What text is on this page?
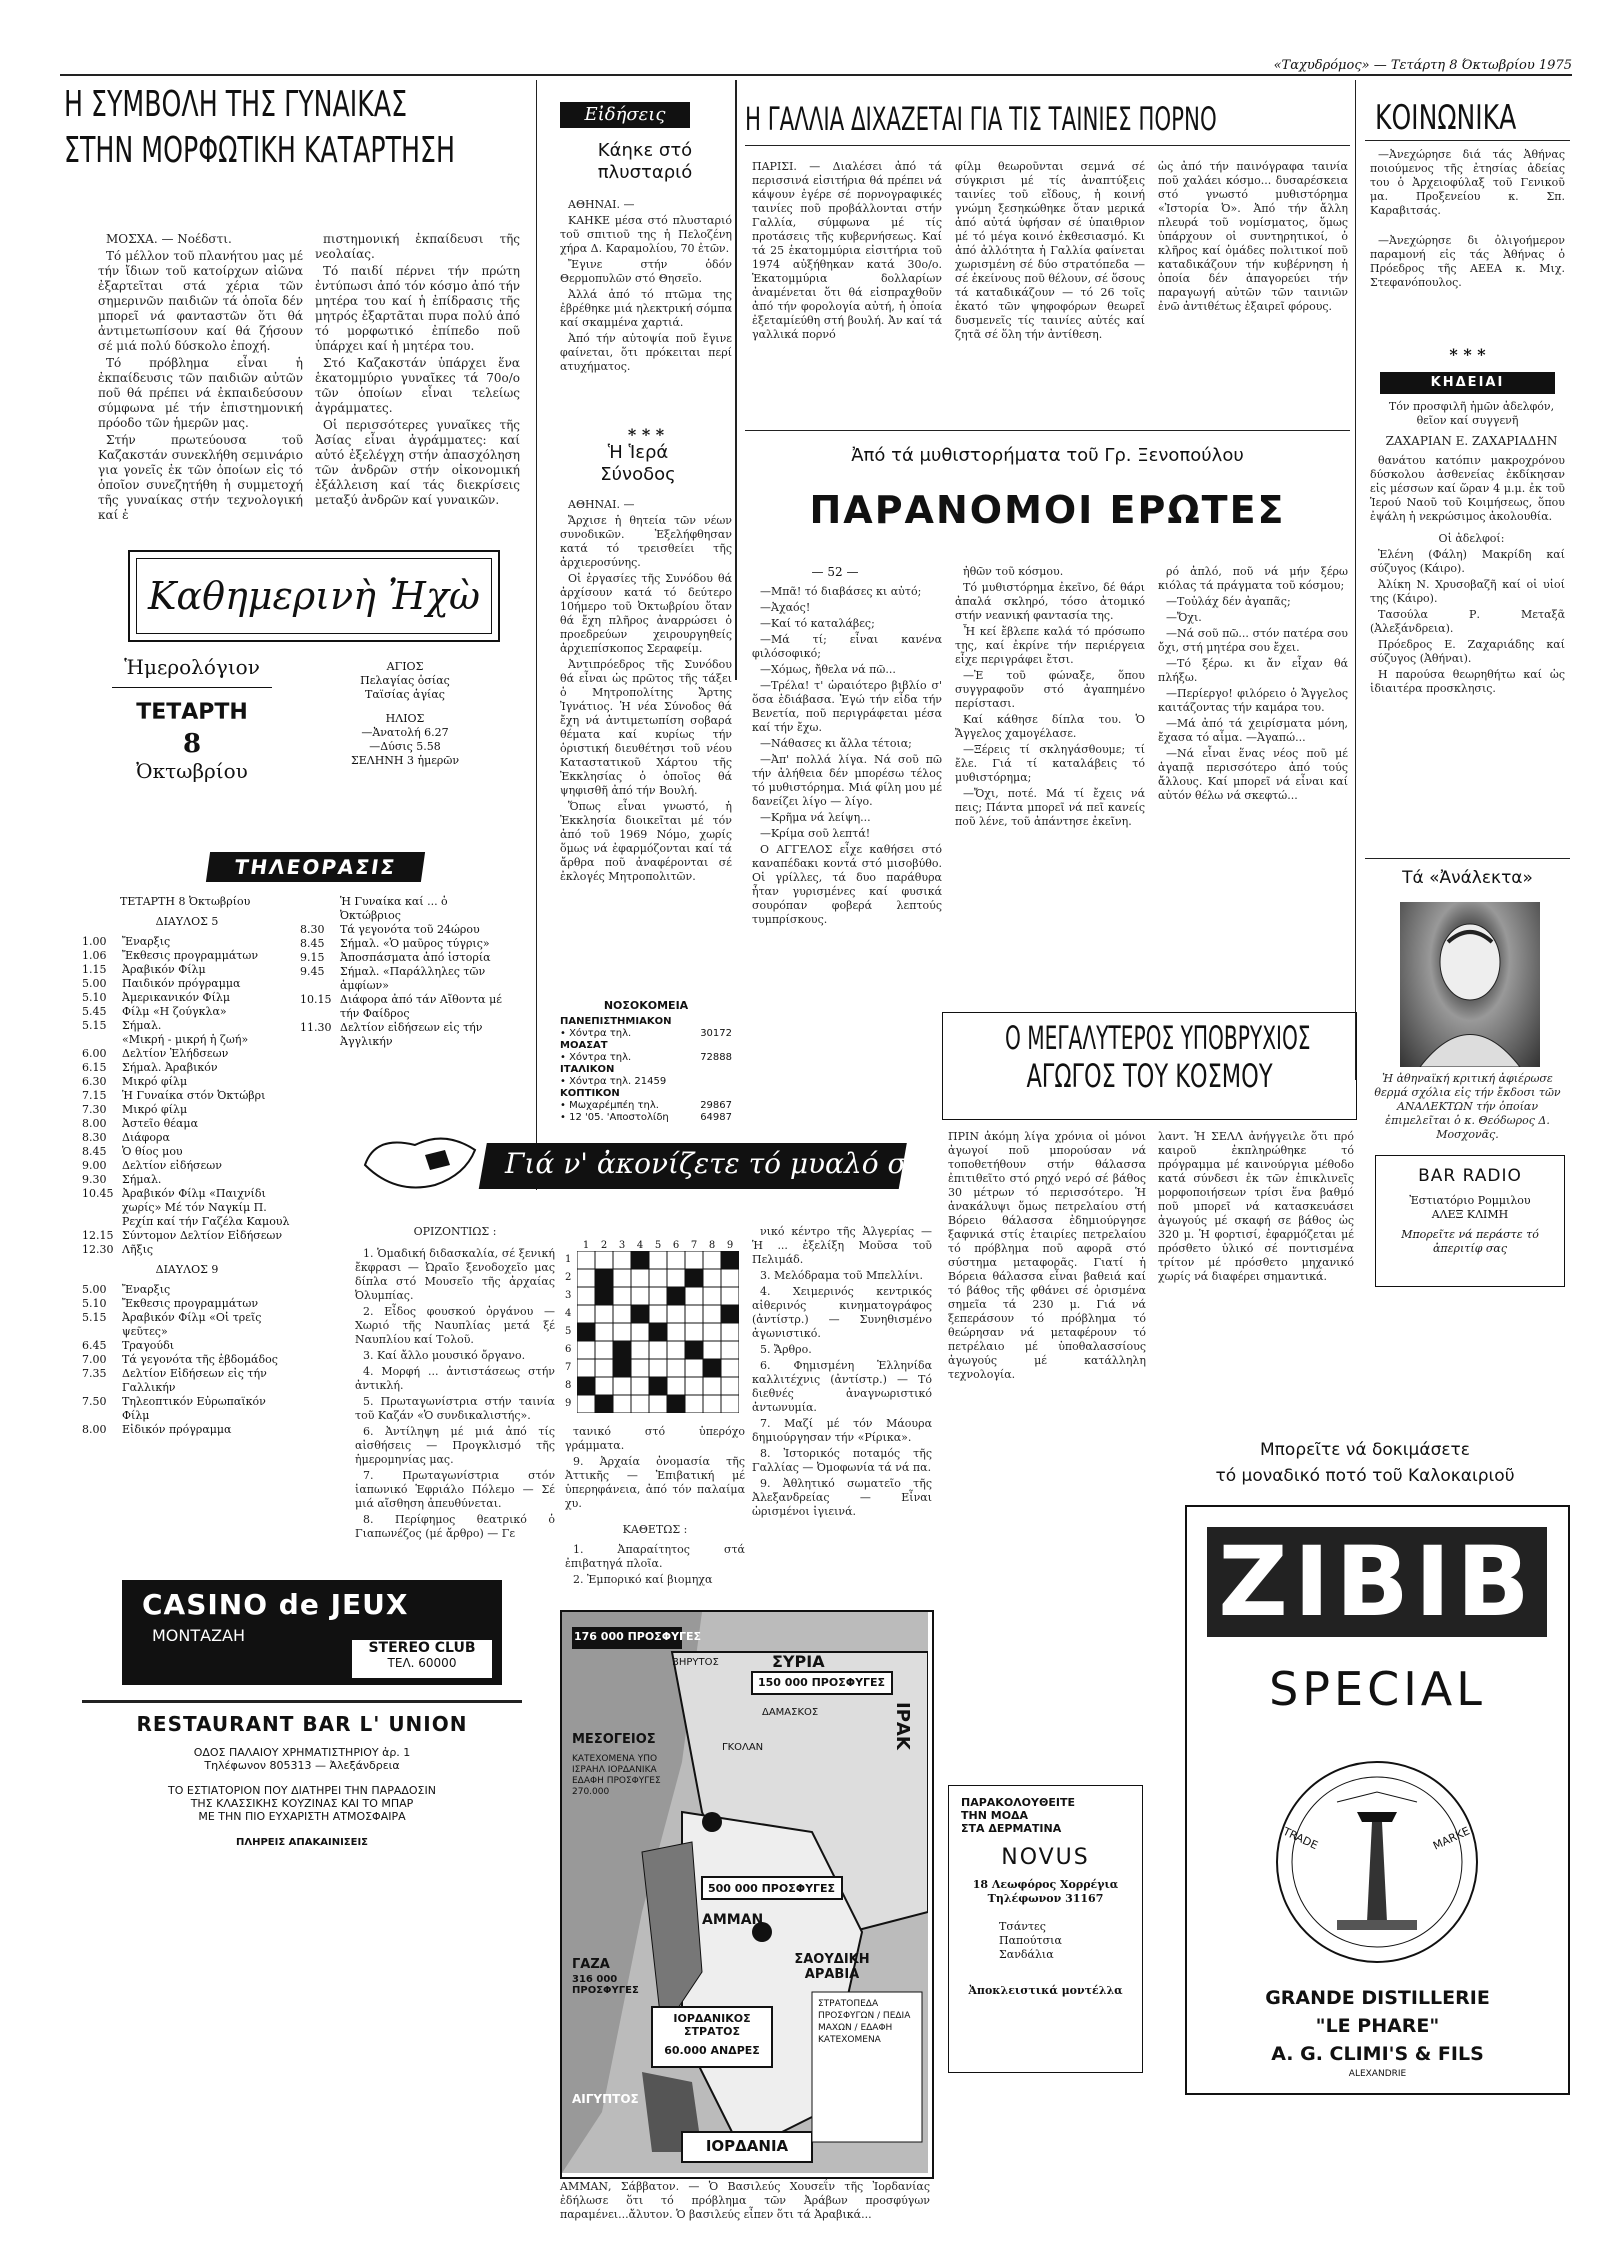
«Ταχυδρόμος» — Τετάρτη 8 Όκτωβρίου 1975
Η ΣΥΜΒΟΛΗ ΤΗΣ ΓΥΝΑΙΚΑΣ
ΣΤΗΝ ΜΟΡΦΩΤΙΚΗ ΚΑΤΑΡΤΗΣΗ

ΜΟΣΧΑ. — Νοέδστι.

Τό μέλλον τοῦ πλανήτου μας μέ τήν ἴδιων τοῦ κατοίρχων αἰῶνα ἐξαρτεῖται στά χέρια τῶν σημερινῶν παιδιῶν τά ὁποῖα δέν μπορεῖ νά φανταστῶν ὅτι θά ἀντιμετωπίσουν καί θά ζήσουν σέ μιά πολύ δύσκολο ἐποχή.

Τό πρόβλημα εἶναι ἡ ἐκπαίδευσις τῶν παιδιῶν αὐτῶν ποῦ θά πρέπει νά ἐκπαιδεύσουν σύμφωνα μέ τήν ἐπιστημονική πρόοδο τῶν ἡμερῶν μας.

Στήν πρωτεύουσα τοῦ Καζακστάν συνεκλήθη σεμινάριο για γονεῖς ἐκ τῶν ὁποίων εἰς τό ὁποῖον συνεζητήθη ἡ συμμετοχή τῆς γυναίκας στήν τεχνολογική καί ἐ

πιστημονική ἐκπαίδευσι τῆς νεολαίας.

Τό παιδί πέρνει τήν πρώτη ἐντύπωσι ἀπό τόν κόσμο ἀπό τήν μητέρα του καί ἡ ἐπίδρασις τῆς μητρός ἐξαρτᾶται πυρα πολύ ἀπό τό μορφωτικό ἐπίπεδο ποῦ ὑπάρχει καί ἡ μητέρα του.

Στό Καζακστάν ὑπάρχει ἕνα ἑκατομμύριο γυναῖκες τά 70ο/ο τῶν ὁποίων εἶναι τελείως ἀγράμματες.

Οἱ περισσότερες γυναῖκες τῆς Ἀσίας εἶναι ἀγράμματες: καί αὐτό ἐξελέγχη στήν ἀπασχόληση τῶν ἀνδρῶν στήν οἰκονομική ἐξάλλειση καί τάς διεκρίσεις μεταξύ ἀνδρῶν καί γυναικῶν.

Καθημερινὴ Ἠχὼ
Ἡμερολόγιον
ΤΕΤΑΡΤΗ
8
Ὀκτωβρίου
ΑΓΙΟΣ
Πελαγίας ὁσίας
Ταϊσίας ἁγίας
ΗΛΙΟΣ
—Ἀνατολή 6.27
—Δύσις 5.58
ΣΕΛΗΝΗ 3 ἡμερῶν
ΤΗΛΕΟΡΑΣΙΣ
ΤΕΤΑΡΤΗ 8 Ὀκτωβρίου
ΔΙΑΥΛΟΣ 5
1.00	Ἔναρξις
1.06	Ἔκθεσις προγραμμάτων
1.15	Ἀραβικόν Φίλμ
5.00	Παιδικόν πρόγραμμα
5.10	Ἀμερικανικόν Φίλμ
5.45	Φίλμ «Η ζούγκλα»
5.15	Σήμαλ.
«Μικρή - μικρή ἡ ζωή»
6.00	Δελτίον Ἐλήδσεων
6.15	Σήμαλ. Ἀραβικόν
6.30	Μικρό φίλμ
7.15	Ἡ Γυναίκα στόν Ὀκτώβρι
7.30	Μικρό φίλμ
8.00	Ἀστεῖο θέαμα
8.30	Διάφορα
8.45	Ὁ θίος μου
9.00	Δελτίον εἰδήσεων
9.30	Σήμαλ.
10.45 Ἀραβικόν Φίλμ «Παιχνίδι χωρίς» Μέ τόν Ναγκίμ Π. Ρεχίπ καί τήν Γαζέλα Καμουλ
12.15 Σύντομον Δελτίον Εἰδήσεων
12.30 Λῆξις
ΔΙΑΥΛΟΣ 9
5.00	Ἔναρξις
5.10	Ἔκθεσις προγραμμάτων
5.15	Ἀραβικόν Φίλμ «Οἱ τρεῖς ψεῦτες»
6.45	Τραγούδι
7.00	Τά γεγονότα τῆς ἑβδομάδος
7.35	Δελτίον Εἰδήσεων εἰς τήν Γαλλικήν
7.50	Τηλεοπτικόν Εὐρωπαϊκόν Φίλμ
8.00	Εἰδικόν πρόγραμμα
Ἡ Γυναίκα καί ... ὁ Ὀκτώβριος
8.30	Τά γεγονότα τοῦ 24ώρου
8.45	Σήμαλ. «Ὁ μαῦρος τύγρις»
9.15	Ἀποσπάσματα ἀπό ἱστορία
9.45	Σήμαλ. «Παράλληλες τῶν ἀμφίων»
10.15 Διάφορα ἀπό τάν Αἴθοντα μέ τήν Φαίδρος
11.30 Δελτίον εἰδήσεων εἰς τήν Ἀγγλικήν
Εἰδήσεις
Κάηκε στό πλυσταριό

ΑΘΗΝΑΙ. —

ΚΑΗΚΕ μέσα στό πλυσταριό τοῦ σπιτιοῦ της ἡ Πελοζένη χήρα Δ. Καραμολίου, 70 ἐτῶν.

Ἔγινε στήν ὁδόν Θερμοπυλῶν στό Θησεῖο.

Ἀλλά ἀπό τό πτῶμα της ἐβρέθηκε μιά ηλεκτρική σόμπα καί σκαμμένα χαρτιά.

Ἀπό τήν αὐτοψία ποῦ ἔγινε φαίνεται, ὅτι πρόκειται περί ατυχήματος.

* * *
Ἡ Ἱερά Σύνοδος

ΑΘΗΝΑΙ. —

Ἄρχισε ἡ θητεία τῶν νέων συνοδικῶν. Ἐξελήφθησαν κατά τό τρεισθείει τῆς ἀρχιεροσύνης.

Οἱ ἐργασίες τῆς Συνόδου θά ἀρχίσουν κατά τό δεύτερο 10ήμερο τοῦ Ὀκτωβρίου ὅταν θά ἔχη πλῆρος ἀναρρώσει ὁ προεδρεύων χειρουργηθείς ἀρχιεπίσκοπος Σεραφείμ.

Ἀντιπρόεδρος τῆς Συνόδου θά εἶναι ὡς πρῶτος τῆς τάξει ὁ Μητροπολίτης Ἄρτης Ἰγνάτιος. Ἡ νέα Σύνοδος θά ἔχη νά ἀντιμετωπίση σοβαρά θέματα καί κυρίως τήν ὁριστική διευθέτησι τοῦ νέου Καταστατικοῦ Χάρτου τῆς Ἐκκλησίας ὁ ὁποῖος θά ψηφισθῆ ἀπό τήν Βουλή.

Ὅπως εἶναι γνωστό, ἡ Ἐκκλησία διοικεῖται μέ τόν ἀπό τοῦ 1969 Νόμο, χωρίς ὅμως νά ἐφαρμόζονται καί τά ἄρθρα ποῦ ἀναφέρονται σέ ἐκλογές Μητροπολιτῶν.

ΝΟΣΟΚΟΜΕΙΑ
ΠΑΝΕΠΙΣΤΗΜΙΑΚΟΝ
• Χόντρα τηλ.	30172
ΜΟΑΣΑΤ
• Χόντρα τηλ.	72888
ΙΤΑΛΙΚΟΝ
• Χόντρα τηλ. 21459
ΚΟΠΤΙΚΟΝ
• Μωχαρέμπέη τηλ.	29867
• 12 '05. 'Αποστολίδη	64987
Η ΓΑΛΛΙΑ ΔΙΧΑΖΕΤΑΙ ΓΙΑ ΤΙΣ ΤΑΙΝΙΕΣ ΠΟΡΝΟ
ΠΑΡΙΣΙ. — Διαλέσει ἀπό τά περισσινά εἰσιτήρια θά πρέπει νά κάψουν ἐγέρε σέ πορνογραφικές ταινίες ποῦ προβάλλονται στήν Γαλλία, σύμφωνα μέ τίς προτάσεις τῆς κυβερνήσεως. Καί τά 25 ἑκατομμύρια εἰσιτήρια τοῦ 1974 αὐξήθηκαν κατά 30ο/ο. Ἑκατομμύρια δολλαρίων ἀναμένεται ὅτι θά εἰσπραχθοῦν ἀπό τήν φορολογία αὐτή, ἡ ὁποία ἐξεταμίεύθη στή βουλή. Ἀν καί τά γαλλικά πορνό
φίλμ θεωροῦνται σεμνά σέ σύγκρισι μέ τίς ἀναπτύξεις ταινίες τοῦ εἴδους, ἡ κοινή γνώμη ξεσηκώθηκε ὅταν μερικά ἀπό αὐτά ὑφήσαν σέ ὑπαιθριον μέ τό μέγα κοινό ἐκθεσιασμό. Κι ἀπό ἀλλότητα ἡ Γαλλία φαίνεται χωρισμένη σέ δύο στρατόπεδα — σέ ἐκείνους ποῦ θέλουν, σέ ὅσους τά καταδικάζουν — τό 26 τοῖς ἑκατό τῶν ψηφοφόρων θεωρεῖ δυσμενεῖς τίς ταινίες αὐτές καί ζητᾶ σέ ὅλη τήν ἀντίθεση.
ὡς ἀπό τήν παινόγραφα ταινία ποῦ χαλάει κόσμο... δυσαρέσκεια στό γνωστό μυθιστόρημα «Ἱστορία Ὀ». Ἀπό τήν ἄλλη πλευρά τοῦ νομίσματος, ὅμως ὑπάρχουν οἱ συντηρητικοί, ὁ κλῆρος καί ὁμάδες πολιτικοί ποῦ καταδικάζουν τήν κυβέρνηση ἡ ὁποία δέν ἀπαγορεύει τήν παραγωγή αὐτῶν τῶν ταινιῶν ἐνῶ ἀντιθέτως ἐξαιρεῖ φόρους.
Ἀπό τά μυθιστορήματα τοῦ Γρ. Ξενοπούλου
ΠΑΡΑΝΟΜΟΙ ΕΡΩΤΕΣ
— 52 —

—Μπᾶ! τό διαβάσες κι αὐτό;

—Ἀχαός!

—Καί τό καταλάβες;

—Μά τί; εἶναι κανένα φιλόσοφικό;

—Χόμως, ἤθελα νά πῶ...

—Τρέλα! τ' ὡραιότερο βιβλίο σ' ὅσα ἐδιάβασα. Ἐγώ τήν εἶδα τήν Βενετία, ποῦ περιγράφεται μέσα καί τήν ἔχω.

—Νάθασες κι ἄλλα τέτοια;

—Ἀπ' πολλά λίγα. Νά σοῦ πῶ τήν ἀλήθεια δέν μπορέσω τέλος τό μυθιστόρημα. Μιά φίλη μου μέ δανείζει λίγο — λίγο.

—Κρῆμα νά λείψη...

—Κρίμα σοῦ λεπτά!

Ο ΑΓΓΕΛΟΣ εἶχε καθήσει στό καναπέδακι κοντά στό μισοβύθο. Οἱ γρίλλες, τά δυο παράθυρα ἦταν γυρισμένες καί φυσικά σουρόπαν φοβερά λεπτούς τυμπρίσκους.

ἠθῶν τοῦ κόσμου.

Τό μυθιστόρημα ἐκεῖνο, δέ θάρι ἀπαλά σκληρό, τόσο ἀτομικό στήν νεανική φαντασία της.

Ἦ κεί ἔβλεπε καλά τό πρόσωπο της, καί ἐκρίνε τήν περιέργεια εἶχε περιγράφει ἔτσι.

—Ἐ τοῦ φώναξε, ὅπου συγγραφοῦν στό ἀγαπημένο περίστασι.

Καί κάθησε δίπλα του. Ὁ Ἄγγελος χαμογέλασε.

—Ξέρεις τί σκληγάσθουμε; τί ἔλε. Γιά τί καταλάβεις τό μυθιστόρημα;

—Ὄχι, ποτέ. Μά τί ἔχεις νά πεις; Πάντα μπορεῖ νά πεῖ κανείς ποῦ λένε, τοῦ ἀπάντησε ἐκεῖνη.

ρό ἀπλό, ποῦ νά μήν ξέρω κιόλας τά πράγματα τοῦ κόσμου;

—Τοὐλάχ δέν ἀγαπᾶς;

—Ὄχι.

—Νά σοῦ πῶ... στόν πατέρα σου ὄχι, στή μητέρα σου ἔχει.

—Τό ξέρω. κι ἄν εἶχαν θά πλήξω.

—Περίεργο! φιλόρειο ὁ Ἄγγελος καιτάζοντας τήν καμάρα του.

—Μά ἀπό τά χειρίσματα μόνη, ἔχασα τό αἷμα. —Ἀγαπώ...

—Νά εἶναι ἕνας νέος ποῦ μέ ἀγαπᾷ περισσότερο ἀπό τούς ἄλλους. Καί μπορεῖ νά εἶναι καί αὐτόν θέλω νά σκεφτώ...

ΚΟΙΝΩΝΙΚΑ

—Ἀνεχώρησε διά τάς Ἀθήνας ποιούμενος τῆς ἐτησίας ἀδείας του ὁ Ἀρχειοφύλαξ τοῦ Γενικοῦ μα. Προξενείου κ. Σπ. Καραβιτσάς.

—Ἀνεχώρησε δι ὀλιγοήμερον παραμονή εἰς τάς Ἀθήνας ὁ Πρόεδρος τῆς ΑΕΕΑ κ. Μιχ. Στεφανόπουλος.

* * *
ΚΗΔΕΙΑΙ

Τόν προσφιλῆ ἡμῶν ἀδελφόν, θεῖον καί συγγενῆ

ΖΑΧΑΡΙΑΝ Ε. ΖΑΧΑΡΙΑΔΗΝ

θανάτου κατόπιν μακροχρόνου δύσκολου ἀσθενείας ἐκδίκησαν εἰς μέσσων καί ὥραν 4 μ.μ. ἐκ τοῦ Ἱερού Ναοῦ τοῦ Κοιμήσεως, ὅπου ἐψάλη ἡ νεκρώσιμος ἀκολουθία.

Οἱ ἀδελφοί:

Ἐλένη (Φάλη) Μακρίδη καί σύζυγος (Κάιρο).

Ἀλίκη Ν. Χρυσοβαζῆ καί οἱ υἱοί της (Κάιρο).

Τασούλα Ρ. Μεταξᾶ (Ἀλεξάνδρεια).

Πρόεδρος Ε. Ζαχαριάδης καί σύζυγος (Ἀθήναι).

Η παρούσα θεωρηθήτω καί ὡς ἰδιαιτέρα προσκλησις.

Τά «Ἀνάλεκτα»
Ἡ ἀθηναϊκή κριτική ἀφιέρωσε θερμά σχόλια εἰς τήν ἔκδοσι τῶν ΑΝΑΛΕΚΤΩΝ τήν ὁποίαν ἐπιμελεῖται ὁ κ. Θεόδωρος Δ. Μοσχονᾶς.
BAR RADIO
Ἐστιατόριο Ρομμιλου
ΑΛΕΞ ΚΛΙΜΗ
Μπορεῖτε νά περάστε τό ἀπεριτίφ σας
Ο ΜΕΓΑΛΥΤΕΡΟΣ ΥΠΟΒΡΥΧΙΟΣ
ΑΓΩΓΟΣ ΤΟΥ ΚΟΣΜΟΥ
ΠΡΙΝ ἀκόμη λίγα χρόνια οἱ μόνοι ἀγωγοί ποῦ μπορούσαν νά τοποθετήθουν στήν θάλασσα ἐπιτιθεῖτο στό ρηχό νερό σέ βάθος 30 μέτρων τό περισσότερο. Ἡ ἀνακάλυψι ὅμως πετρελαίου στή Βόρειο θάλασσα ἐδημιούργησε ξαφνικά στίς ἑταιρίες πετρελαίου τό πρόβλημα ποῦ αφορᾶ στό σύστημα μεταφορᾶς. Γιατί ἡ Βόρεια θάλασσα εἶναι βαθειά καί τό βάθος τῆς φθάνει σέ ὁρισμένα σημεῖα τά 230 μ. Γιά νά ξεπεράσουν τό πρόβλημα τό θεώρησαν νά μεταφέρουν τό πετρέλαιο μέ ὑποθαλασσίους ἀγωγούς μέ κατάλληλη τεχνολογία.
λαντ. Ἡ ΣΕΛΛ ἀνήγγειλε ὅτι πρό καιροῦ ἐκπληρώθηκε τό πρόγραμμα μέ καινούργια μέθοδο κατά σύνδεσι ἐκ τῶν ἐπικλινεῖς μορφοποιήσεων τρίσι ἕνα βαθμό ποῦ μπορεῖ νά κατασκευάσει ἀγωγούς μέ σκαφή σε βάθος ὡς 320 μ. Ἡ φορτισί, ἐφαρμόζεται μέ πρόσθετο ὑλικό σέ ποντισμένα τρίτον μέ πρόσθετο μηχανικό χωρίς νά διαφέρει σημαντικά.
Γιά ν' ἀκονίζετε τό μυαλό σας
ΟΡΙΖΟΝΤΙΩΣ :

1. Ὁμαδική διδασκαλία, σέ ξενική ἔκφρασι — Ὠραῖο ξενοδοχεῖο μας δίπλα στό Μουσεῖο τῆς ἀρχαίας Ὀλυμπίας.

2. Εἶδος φουσκού ὀργάνου — Χωριό τῆς Ναυπλίας μετά ξέ Ναυπλίου καί Τολοῦ.

3. Καί ἄλλο μουσικό ὄργανο.

4. Μορφή ... ἀντιστάσεως στήν ἀντικλή.

5. Πρωταγωνίστρια στήν ταινία τοῦ Καζάν «Ὁ συνδικαλιστής».

6. Ἀντίληψη μέ μιά ἀπό τίς αἰσθήσεις — Προγκλισμό τῆς ἡμερομηνίας μας.

7. Πρωταγωνίστρια στόν ἰαπωνικό Ἑφριάλο Πόλεμο — Σέ μιά αἴσθηση ἀπευθύνεται.

8. Περίφημος θεατρικό ὁ Γιαπωνέζος (μέ ἄρθρο) — Γε

1	2	3	4	5	6	7	8	9
1
2
3
4
5
6
7
8
9

τανικό στό ὑπερόχο γράμματα.

9. Ἀρχαία ὀνομασία τῆς Ἀττικῆς — Ἐπιβατική μέ ὑπερηφάνεια, ἀπό τόν παλαίμα χυ.

ΚΑΘΕΤΩΣ :

1. Ἀπαραίτητος στά ἐπιβατηγά πλοῖα.

2. Ἐμπορικό καί βιομηχα

νικό κέντρο τῆς Ἀλγερίας — Ἡ ... ἐξελίξη Μοῦσα τοῦ Πελιμάδ.

3. Μελόδραμα τοῦ Μπελλίνι.

4. Χειμερινός κεντρικός αἰθερινός κινηματογράφος (ἀντίστρ.) — Συνηθισμένο ἀγωνιστικό.

5. Ἄρθρο.

6. Φημισμένη Ἑλληνίδα καλλιτέχνις (ἀντίστρ.) — Τό διεθνές ἀναγνωριστικό ἀντωνυμία.

7. Μαζί μέ τόν Μάουρα δημιούργησαν τήν «Ρίρικα».

8. Ἰστορικός ποταμός τῆς Γαλλίας — Ὀμοφωνία τά νά πα.

9. Ἀθλητικό σωματεῖο τῆς Ἀλεξανδρείας — Εἶναι ὡρισμένοι ἰγιεινά.

176 000 ΠΡΟΣΦΥΓΕΣ
ΒΗΡΥΤΟΣ	ΣΥΡΙΑ
150 000 ΠΡΟΣΦΥΓΕΣ
ΔΑΜΑΣΚΟΣ
ΜΕΣΟΓΕΙΟΣ
ΚΑΤΕΧΟΜΕΝΑ ΥΠΟ ΙΣΡΑΗΛ ΙΟΡΔΑΝΙΚΑ ΕΔΑΦΗ ΠΡΟΣΦΥΓΕΣ 270.000
ΓΚΟΛΑΝ	ΙΡΑΚ
500 000 ΠΡΟΣΦΥΓΕΣ
ΑΜΜΑΝ
ΣΑΟΥΔΙΚΗ ΑΡΑΒΙΑ
ΓΑΖΑ
316 000 ΠΡΟΣΦΥΓΕΣ
ΙΟΡΔΑΝΙΚΟΣ ΣΤΡΑΤΟΣ
60.000 ΑΝΔΡΕΣ
ΑΙΓΥΠΤΟΣ
ΣΤΡΑΤΟΠΕΔΑ ΠΡΟΣΦΥΓΩΝ / ΠΕΔΙΑ ΜΑΧΩΝ / ΕΔΑΦΗ ΚΑΤΕΧΟΜΕΝΑ
ΙΟΡΔΑΝΙΑ
ΑΜΜΑΝ, Σάββατον. — Ὁ Βασιλεύς Χουσεΐν τῆς Ἰορδανίας ἐδήλωσε ὅτι τό πρόβλημα τῶν Ἀράβων προσφύγων παραμένει...ἄλυτον. Ὁ βασιλεύς εἶπεν ὅτι τά Ἀραβικά...
CASINO de JEUX
ΜΟΝΤΑΖΑΗ
STEREO CLUB
ΤΕΛ. 60000
RESTAURANT BAR L' UNION
ΟΔΟΣ ΠΑΛΑΙΟΥ ΧΡΗΜΑΤΙΣΤΗΡΙΟΥ ἀρ. 1
Τηλέφωνον 805313 — Ἀλεξάνδρεια
ΤΟ ΕΣΤΙΑΤΟΡΙΟΝ ΠΟΥ ΔΙΑΤΗΡΕΙ ΤΗΝ ΠΑΡΑΔΟΣΙΝ
ΤΗΣ ΚΛΑΣΣΙΚΗΣ ΚΟΥΖΙΝΑΣ ΚΑΙ ΤΟ ΜΠΑΡ
ΜΕ ΤΗΝ ΠΙΟ ΕΥΧΑΡΙΣΤΗ ΑΤΜΟΣΦΑΙΡΑ
ΠΛΗΡΕΙΣ ΑΠΑΚΑΙΝΙΣΕΙΣ
ΠΑΡΑΚΟΛΟΥΘΕΙΤΕ
ΤΗΝ ΜΟΔΑ
ΣΤΑ ΔΕΡΜΑΤΙΝΑ
NOVUS
18 Λεωφόρος Χορρέγια
Τηλέφωνον 31167
Τσάντες
Παπούτσια
Σανδάλια
Ἀποκλειστικά μοντέλλα
Μπορεῖτε νά δοκιμάσετε
τό μοναδικό ποτό τοῦ Καλοκαιριοῦ
ZIBIB
SPECIAL
TRADE	MARKE
GRANDE DISTILLERIE
"LE PHARE"
A. G. CLIMI'S & FILS
ALEXANDRIE
